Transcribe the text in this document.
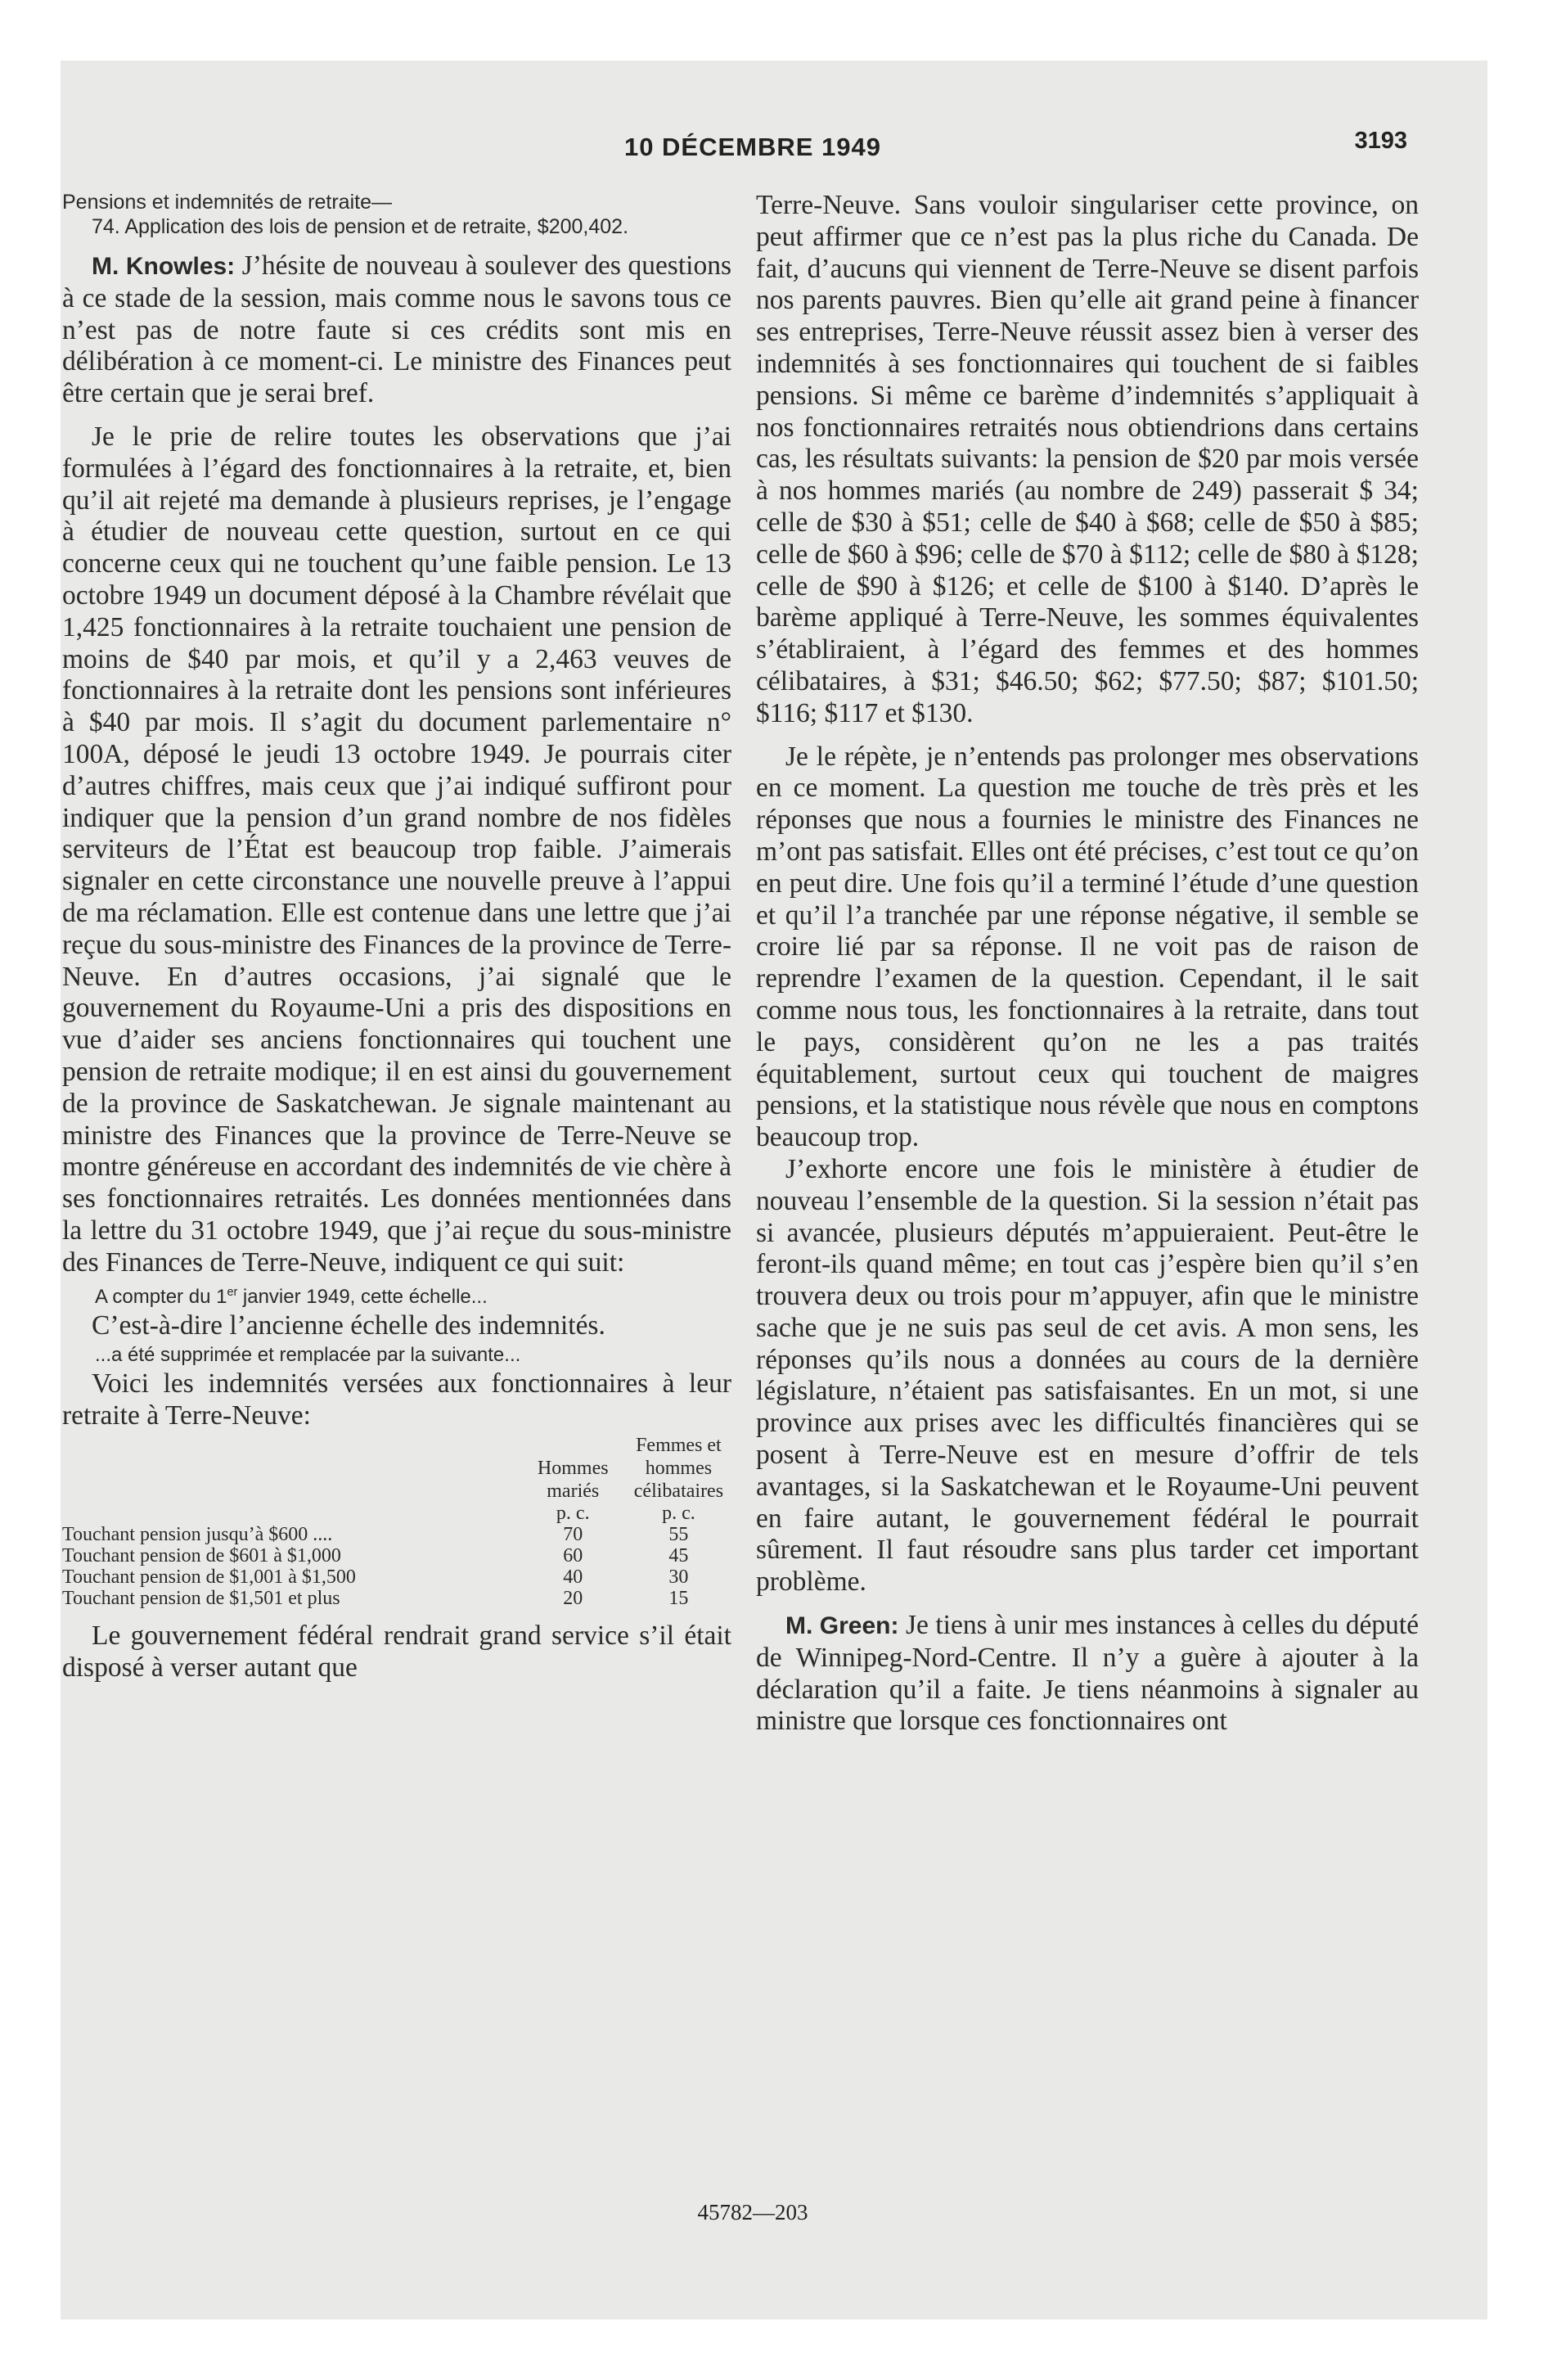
10 DÉCEMBRE 1949	3193

Pensions et indemnités de retraite—

74. Application des lois de pension et de retraite, $200,402.

M. Knowles: J’hésite de nouveau à soulever des questions à ce stade de la session, mais comme nous le savons tous ce n’est pas de notre faute si ces crédits sont mis en délibération à ce moment-ci. Le ministre des Finances peut être certain que je serai bref.

Je le prie de relire toutes les observations que j’ai formulées à l’égard des fonctionnaires à la retraite, et, bien qu’il ait rejeté ma demande à plusieurs reprises, je l’engage à étudier de nouveau cette question, surtout en ce qui concerne ceux qui ne touchent qu’une faible pension. Le 13 octobre 1949 un document déposé à la Chambre révélait que 1,425 fonctionnaires à la retraite touchaient une pension de moins de $40 par mois, et qu’il y a 2,463 veuves de fonctionnaires à la retraite dont les pensions sont inférieures à $40 par mois. Il s’agit du document parlementaire n° 100A, déposé le jeudi 13 octobre 1949. Je pourrais citer d’autres chiffres, mais ceux que j’ai indiqué suffiront pour indiquer que la pension d’un grand nombre de nos fidèles serviteurs de l’État est beaucoup trop faible. J’aimerais signaler en cette circonstance une nouvelle preuve à l’appui de ma réclamation. Elle est contenue dans une lettre que j’ai reçue du sous-ministre des Finances de la province de Terre-Neuve. En d’autres occasions, j’ai signalé que le gouvernement du Royaume-Uni a pris des dispositions en vue d’aider ses anciens fonctionnaires qui touchent une pension de retraite modique; il en est ainsi du gouvernement de la province de Saskatchewan. Je signale maintenant au ministre des Finances que la province de Terre-Neuve se montre généreuse en accordant des indemnités de vie chère à ses fonctionnaires retraités. Les données mentionnées dans la lettre du 31 octobre 1949, que j’ai reçue du sous-ministre des Finances de Terre-Neuve, indiquent ce qui suit:

A compter du 1er janvier 1949, cette échelle...

C’est-à-dire l’ancienne échelle des indemnités.

...a été supprimée et remplacée par la suivante...

Voici les indemnités versées aux fonctionnaires à leur retraite à Terre-Neuve:

	Hommes mariés	Femmes et hommes célibataires
	p. c.	p. c.
Touchant pension jusqu’à $600 ....	70	55
Touchant pension de $601 à $1,000	60	45
Touchant pension de $1,001 à $1,500	40	30
Touchant pension de $1,501 et plus	20	15

Le gouvernement fédéral rendrait grand service s’il était disposé à verser autant que

Terre-Neuve. Sans vouloir singulariser cette province, on peut affirmer que ce n’est pas la plus riche du Canada. De fait, d’aucuns qui viennent de Terre-Neuve se disent parfois nos parents pauvres. Bien qu’elle ait grand peine à financer ses entreprises, Terre-Neuve réussit assez bien à verser des indemnités à ses fonctionnaires qui touchent de si faibles pensions. Si même ce barème d’indemnités s’appliquait à nos fonctionnaires retraités nous obtiendrions dans certains cas, les résultats suivants: la pension de $20 par mois versée à nos hommes mariés (au nombre de 249) passerait $ 34; celle de $30 à $51; celle de $40 à $68; celle de $50 à $85; celle de $60 à $96; celle de $70 à $112; celle de $80 à $128; celle de $90 à $126; et celle de $100 à $140. D’après le barème appliqué à Terre-Neuve, les sommes équivalentes s’établiraient, à l’égard des femmes et des hommes célibataires, à $31; $46.50; $62; $77.50; $87; $101.50; $116; $117 et $130.

Je le répète, je n’entends pas prolonger mes observations en ce moment. La question me touche de très près et les réponses que nous a fournies le ministre des Finances ne m’ont pas satisfait. Elles ont été précises, c’est tout ce qu’on en peut dire. Une fois qu’il a terminé l’étude d’une question et qu’il l’a tranchée par une réponse négative, il semble se croire lié par sa réponse. Il ne voit pas de raison de reprendre l’examen de la question. Cependant, il le sait comme nous tous, les fonctionnaires à la retraite, dans tout le pays, considèrent qu’on ne les a pas traités équitablement, surtout ceux qui touchent de maigres pensions, et la statistique nous révèle que nous en comptons beaucoup trop.

J’exhorte encore une fois le ministère à étudier de nouveau l’ensemble de la question. Si la session n’était pas si avancée, plusieurs députés m’appuieraient. Peut-être le feront-ils quand même; en tout cas j’espère bien qu’il s’en trouvera deux ou trois pour m’appuyer, afin que le ministre sache que je ne suis pas seul de cet avis. A mon sens, les réponses qu’ils nous a données au cours de la dernière législature, n’étaient pas satisfaisantes. En un mot, si une province aux prises avec les difficultés financières qui se posent à Terre-Neuve est en mesure d’offrir de tels avantages, si la Saskatchewan et le Royaume-Uni peuvent en faire autant, le gouvernement fédéral le pourrait sûrement. Il faut résoudre sans plus tarder cet important problème.

M. Green: Je tiens à unir mes instances à celles du député de Winnipeg-Nord-Centre. Il n’y a guère à ajouter à la déclaration qu’il a faite. Je tiens néanmoins à signaler au ministre que lorsque ces fonctionnaires ont

45782—203
